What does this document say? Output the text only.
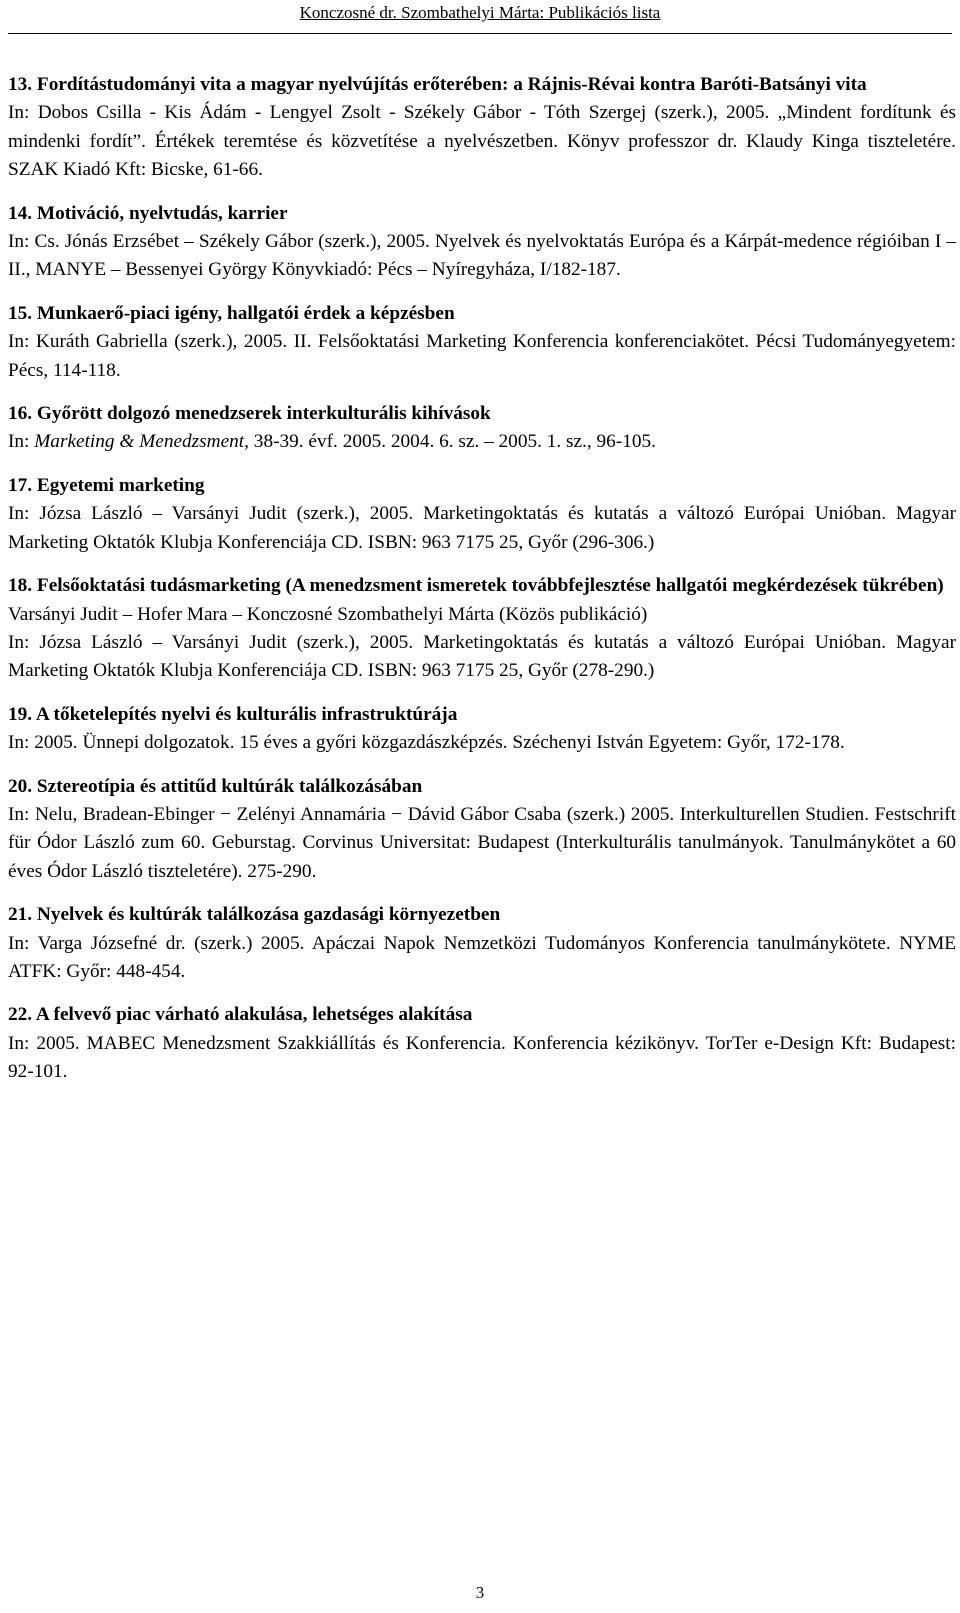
Konczosné dr. Szombathelyi Márta: Publikációs lista

13. Fordítástudományi vita a magyar nyelvújítás erőterében: a Rájnis-Révai kontra Baróti-Batsányi vita

In: Dobos Csilla - Kis Ádám - Lengyel Zsolt - Székely Gábor - Tóth Szergej (szerk.), 2005. „Mindent fordítunk és mindenki fordít”. Értékek teremtése és közvetítése a nyelvészetben. Könyv professzor dr. Klaudy Kinga tiszteletére. SZAK Kiadó Kft: Bicske, 61-66.

14. Motiváció, nyelvtudás, karrier

In: Cs. Jónás Erzsébet – Székely Gábor (szerk.), 2005. Nyelvek és nyelvoktatás Európa és a Kárpát-medence régióiban I – II., MANYE – Bessenyei György Könyvkiadó: Pécs – Nyíregyháza, I/182-187.

15. Munkaerő-piaci igény, hallgatói érdek a képzésben

In: Kuráth Gabriella (szerk.), 2005. II. Felsőoktatási Marketing Konferencia konferenciakötet. Pécsi Tudományegyetem: Pécs, 114-118.

16. Győrött dolgozó menedzserek interkulturális kihívások

In: Marketing & Menedzsment, 38-39. évf. 2005. 2004. 6. sz. – 2005. 1. sz., 96-105.

17. Egyetemi marketing

In: Józsa László – Varsányi Judit (szerk.), 2005. Marketingoktatás és kutatás a változó Európai Unióban. Magyar Marketing Oktatók Klubja Konferenciája CD. ISBN: 963 7175 25, Győr (296-306.)

18. Felsőoktatási tudásmarketing (A menedzsment ismeretek továbbfejlesztése hallgatói megkérdezések tükrében)

Varsányi Judit – Hofer Mara – Konczosné Szombathelyi Márta (Közös publikáció)

In: Józsa László – Varsányi Judit (szerk.), 2005. Marketingoktatás és kutatás a változó Európai Unióban. Magyar Marketing Oktatók Klubja Konferenciája CD. ISBN: 963 7175 25, Győr (278-290.)

19. A tőketelepítés nyelvi és kulturális infrastruktúrája

In: 2005. Ünnepi dolgozatok. 15 éves a győri közgazdászképzés. Széchenyi István Egyetem: Győr, 172-178.

20. Sztereotípia és attitűd kultúrák találkozásában

In: Nelu, Bradean-Ebinger − Zelényi Annamária − Dávid Gábor Csaba (szerk.) 2005. Interkulturellen Studien. Festschrift für Ódor László zum 60. Geburstag. Corvinus Universitat: Budapest (Interkulturális tanulmányok. Tanulmánykötet a 60 éves Ódor László tiszteletére). 275-290.

21. Nyelvek és kultúrák találkozása gazdasági környezetben

In: Varga Józsefné dr. (szerk.) 2005. Apáczai Napok Nemzetközi Tudományos Konferencia tanulmánykötete. NYME ATFK: Győr: 448-454.

22. A felvevő piac várható alakulása, lehetséges alakítása

In: 2005. MABEC Menedzsment Szakkiállítás és Konferencia. Konferencia kézikönyv. TorTer e-Design Kft: Budapest: 92-101.

3
